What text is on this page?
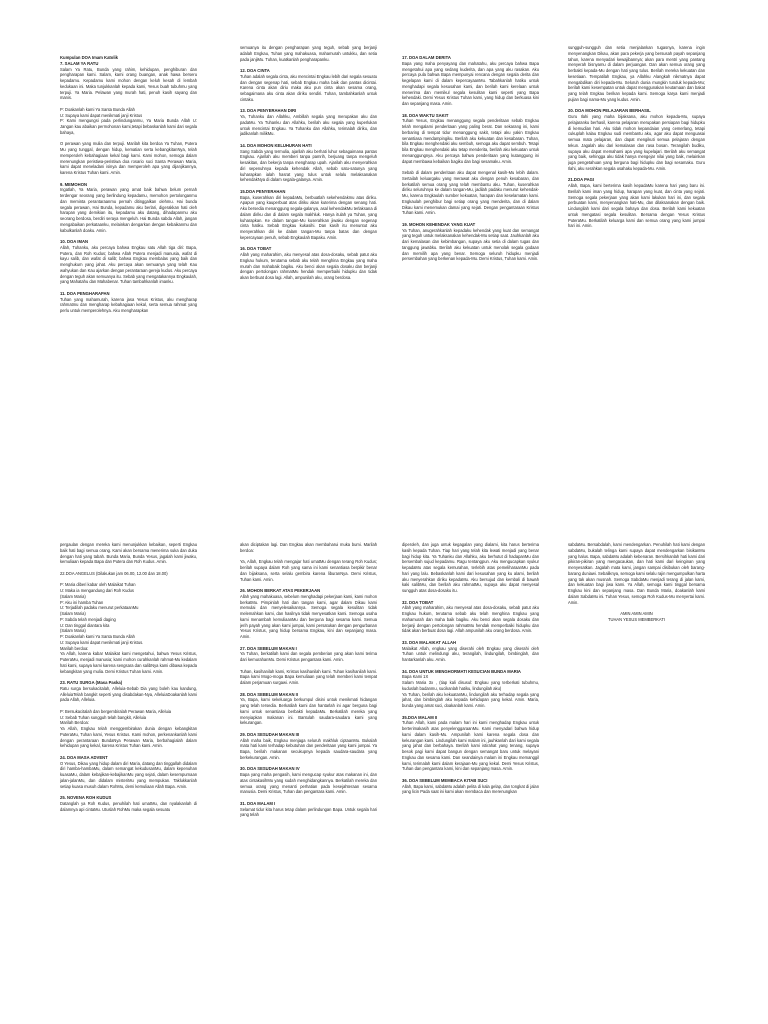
Kumpulan DOA Imam Katolik
7. SALAM YA RATU

Salam Ya Ratu, Bunda yang rahim, kehidupan, penghiburan dan pengharapan kami. Salam, kami orang buangan, anak hawa berseru kepadamu. Kepadamu kami mohon dengan keluh kesah di lembah kedukaan ini. Maka tunjukkanlah kepada kami, Yesus buah tubuhmu yang terpuji. Ya Maria. Pelawan yang murah hati, penuh kasih sayang dan manis.

P: Doakanlah kami Ya Santa Bunda Allah

U: Supaya kami dapat menikmati janji Kristus

P: Kami mengungsi pada perlindunganmu, Ya Maria Bunda Allah U: Jangan kau abaikan permohonan kami,tetapi bebaskanlah kami dari segala bahaya,

O perawan yang mulia dan terpuji. Marilah kita berdoa Ya Tuhan, Putera Mu yang tunggal, dengan hidup, kematian serta kebangkitanNya, telah memperoleh kebahagiaan kekal bagi kami. Kami mohon, semoga dalam merenungkan peristiwa-peristiwa doa rosario suci Santa Perawan Maria, kami dapat meneladani isinya dan memperoleh apa yang dijanjikannya, karena Kristus Tuhan kami. Amin.

9. MEMOHON

Ingatlah, Ya Maria, perawan yang amat baik bahwa belum pernah terdengar seorang yang berlindung kepadamu, memohon pertolonganmu dan meminta perantaraanmu pernah ditinggalkan olehmu. Hai bunda segala perawan, Hai Bunda, kepadamu aku berlari, digerakkan hati oleh harapan yang demikian itu, kepadamu aku datang, dihadapanmu aku seorang berdosa, berdiri seraya mengeluh. Hai Bunda sabda Allah, jangan mengabaikan perkataanku, melainkan dengarkan dengan kebaikanmu dan kabulkanlah doaku. Amin.

10. DOA IMAN

Allah, Tuhanku, aku percaya bahwa Engkau satu Allah tiga diri: Bapa, Putera, dan Roh Kudus; bahwa Allah Putera menjadi manusia, wafat di kayu salib, dan wafat di salib; bahwa Engkau membalas yang baik dan menghukum yang jahat. Aku percaya akan semuanya yang telah Kau wahyukan dan Kau ajarkan dengan perantaraan gereja kudus. Aku percaya dengan teguh akan semuanya itu. Sebab yang mengatakannya Engkaulah, yang Mahatahu dan Mahabenar. Tuhan tambahkanlah imanku.

11. DOA PENGHARAPAN

Tuhan yang mahamurah, karena jasa Yesus Kristus, aku mengharap rahmatmu dan mengharap kebahagiaan kekal, serta semua rahmat yang perlu untuk memperolehnya. Aku mengharapkan

semuanya itu dengan pengharapan yang teguh, sebab yang berjanji adalah Engkau, Tuhan yang mahakuasa, mahamurah untukku, dan setia pada janjiMu. Tuhan, kuatkanlah pengharapanku.

12. DOA CINTA

Tuhan adalah segala cinta, aku mencintai Engkau lebih dari segala sesuatu dan dengan segenap hati, sebab Engkau maha baik dan pantas dicintai. Karena cinta akan diriu maka aku pun cinta akan sesama orang, sebagaimana aku cinta akan diriku sendiri. Tuhan, tambahkanlah untuk cintaku.

13. DOA PENYERAHAN DIRI

Ya, Tuhanku dan Allahku, Ambillah segala yang merupakan aku dan padaMu. Ya Tuhanku dan Allahku, berilah aku segala yang kuperlukan untuk mencintai Engkau. Ya Tuhanku dan Allahku, terimalah diriku, dan jadikanlah milikMu.

14. DOA MOHON KELUHURAN HATI

Sang Sabda yang termulia, ajarilah aku berhati luhur sebagaimana pantas Engkau. Ajarilah aku memberi tanpa pamrih, berjuang tanpa mengeluh kesakitan, dan bekerja tanpa mengharap upah. Ajarilah aku menyerahkan diri sepenuhnya kepada kehendak Allah, sebab satu-satunya yang kuharapkan ialah hasrat yang tulus untuk selalu melaksanakan kehendakNya di dalam segala-galanya. Amin.

15.DOA PENYERAHAN

Bapa, kuserahkan diri kepadaMu, berbuatlah sekehendakmu atas diriku. Apapun yang kauperbuat atas diriku akan kuterima dengan senang hati. Aku bersedia menanggung segala-galanya, asal kehendakMu terlaksana di dalam diriku dan di dalam segala makhluk. Hanya itulah ya Tuhan, yang kuharapkan. Ke dalam tangan-Mu kuserahkan jiwaku dengan segenap cinta hatiku. Sebab Engkau kukasihi. Dan kasih itu menuntut aku menyerahkan diri ke dalam tangan-Mu tanpa batas dan dengan kepercayaan penuh, sebab Engkaulah Bapaku. Amin.

16. DOA TOBAT

Allah yang maharahim, aku menyesal atas dosa-dosaku, sebab patut aku Engkau hukum, terutama sebab aku telah menghina Engkau yang maha murah dan mahabaik bagiku. Aku benci akan segala dosaku dan berjanji dengan pertolongan rahmatMu hendak memperbaiki hidupku dan tidak akan berbuat dosa lagi. Allah, ampunilah aku, orang berdosa.

17. DOA DALAM DERITA

Bapa yang maha penyayang dan mahatahu, aku percaya bahwa Bapa mengetahui apa yang sedang kuderita, dan apa yang aku rasakan. Aku percaya pula bahwa Bapa mempunyai rencana dengan segala derita dan kegelapan kami di dalam kepercayaanMu. Tabahkanlah hatiku untuk menghadapi segala kesusahan kami, dan berilah kami kerelaan untuk menerima dan memikul segala kesulitan kami seperti yang Bapa kehendaki. Demi Yesus Kristus Tuhan kami, yang hidup dan berkuasa kini dan sepanjang masa. Amin.

18. DOA WAKTU SAKIT

Tuhan Yesus, Engkau menanggung segala penderitaan sebab Engkau telah mengalami penderitaan yang paling berat. Dan sekarang ini, kami berbaring di tempat tidur menanggung sakit, tetapi aku yakin Engkau senantiasa mendampingiku. Berilah aku kekuatan dan kesabaran. Tuhan, bila Engkau menghendaki aku sembuh, semoga aku dapat sembuh. Tetapi bila Engkau menghendaki aku tetap menderita, berilah aku kekuatan untuk menanggungnya. Aku percaya bahwa penderitaan yang kutanggung ini dapat membawa kebaikan bagiku dan bagi sesamaku. Amin.

Sebab di dalam penderitaan aku dapat mengenal kasih-Mu lebih dalam. Sertailah keluargaku yang merawat aku dengan penuh kesabaran, dan berkatilah semua orang yang telah membantu aku. Tuhan, kuserahkan diriku seluruhnya ke dalam tangan-Mu, jadilah padaku menurut kehendak-Mu, karena Engkaulah sumber kekuatan, harapan dan keselamatan kami. Engkaulah penghibur bagi setiap orang yang menderita, dan di dalam Dikau kami menemukan damai yang sejati. Dengan pengantaraan Kristus Tuhan kami. Amin.

19. MOHON KEHENDAK YANG KUAT

Ya Tuhan, anugerahkanlah kepadaku kehendak yang kuat dan semangat yang teguh untuk melaksanakan kehendak-Mu setiap saat. Jauhkanlah aku dari kemalasan dan kebimbangan, supaya aku setia di dalam tugas dan tanggung jawabku. Berilah aku kekuatan untuk menolak segala godaan dan memilih apa yang benar. Semoga seluruh hidupku menjadi persembahan yang berkenan kepada-Mu. Demi Kristus, Tuhan kami. Amin.

sungguh-sungguh dan setia menjalankan tugasnya, karena ingin menyenangkan Dikau, akan para pekerja yang bersusah payah sepanjang tahun, karena menyadari kewajibannya; akan para mentri yang pantang menyerah bisnyamu di dalam perjuangan. Dan akan semua orang yang berbakti kepada-Mu dengan hati yang tulus. Berilah mereka kekuatan dan kesetiaan. Tempatilah Engkau, ya Allahku Alangkah nikmatnya dapat mengabdikan diri kepada-Mu. Seluruh dunia mungkin tunduk kepada-Mu; berilah kami kesempatan untuk dapat menggunakan keutamaan dan bakat yang telah Engkau berikan kepada kami. Semoga karya kami menjadi pujian bagi nama-Mu yang kudus. Amin.

20. DOA MOHON PELAJARAN BERHASIL

Guru Ilahi yang maha bijaksana, aku mohon kepada-Mu, supaya pelajaranku berhasil, karena pelajaran merupakan persiapan bagi hidupku di kemudian hari. Aku tidak mohon kepandaian yang cemerlang, tetapi cukuplah kalau Engkau sudi membantu aku, agar aku dapat menguasai semua mata pelajaran, dan dapat mengikuti semua pelajaran dengan tekun. Jagalah aku dari kemalasan dan rasa bosan. Terangilah budiku, supaya aku dapat memahami apa yang kupelajari. Berilah aku semangat yang baik, sehingga aku tidak hanya mengejar nilai yang baik, melainkan juga pengetahuan yang berguna bagi hidupku dan bagi sesamaku. Guru Ilahi, aku serahkan segala usahaku kepada-Mu. Amin.

21.DOA PAGI

Allah, Bapa, kami berterima kasih kepadaMu karena hari yang baru ini. Berilah kami iman yang hidup, harapan yang kuat, dan cinta yang sejati. Semoga segala pekerjaan yang akan kami lakukan hari ini, dan segala perbuatan kami, menyenangkan hati-Mu, dan dilaksanakan dengan baik. Lindungilah kami dari segala bahaya dan dosa. Berilah kami kekuatan untuk mengatasi segala kesulitan. Bersama dengan Yesus Kristus PuteraMu. Berkatilah keluarga kami dan semua orang yang kami jumpai hari ini. Amin.

pergaulan dengan mereka kami menunjukkan kebaikan, seperti Engkau baik hati bagi semua orang. Kami akan bersama menerima suka dan duka dengan hati yang tabah. Bunda Maria, Bunda Yesus, jagalah kami jiwaku, kemuliaan kepada Bapa dan Putera dan Roh Kudus. Amin.

22.DOA ANGELUS (Dilakukan jam 06.00, 12.00 dan 18.00)

P: Maria diberi kabar oleh Malaikat Tuhan

U: Maka ia mengandung dari Roh Kudus

(Salam Maria)

P: Aku ini hamba Tuhan

U: Terjadilah padaku menurut perkataanMu

(Salam Maria)

P: Sabda telah menjadi daging

U: Dan tinggal diantara kita

(Salam Maria)

P: Doakanlah kami Ya Santa Bunda Allah

U: Supaya kami dapat menikmati janji Kristus.

Marilah berdoa:

Ya Allah, karena kabar Malaikat kami mengetahui, bahwa Yesus Kristus, PuteraMu, menjadi manusia; kami mohon curahkanlah rahmat-Mu kedalam hati kami, supaya kami karena sengsara dan salibNya kami dibawa kepada kebangkitan yang mulia. Demi Kristus Tuhan kami. Amin.

23. RATU SURGA (Masa Paska)

Ratu surga bersukacitalah, Alleluia-Sebab Dia yang boleh kau kandung, AlleluiaTelah bangkit seperti yang disabdakan-Nya, AlleluiaDoakanlah kami pada Allah, Alleluia.

P: Bersukacitalah dan bergembiralah Perawan Maria, Alleluia

U: Sebab Tuhan sungguh telah bangkit, Alleluia

Marilah Berdoa:

Ya Allah, Engkau telah menggembirakan dunia dengan kebangkitan PuteraMu, Tuhan kami, Yesus Kristus. Kami mohon, perkenankanlah kami dengan perantaraan BundaNya Perawan Maria, berbahagialah dalam kehidupan yang kekal, karena Kristus Tuhan kami. Amin.

24. DOA MASA ADVENT

O Yesus, Dikau yang hidup dalam diri Maria, datang dan tinggallah didalam diri hamba-hambaMu, dalam semangat kekudusanMu, dalam kepenuhan kuasaMu, dalam kebajikan-kebajikanMu yang sejati, dalam kesempurnaan jalan-jalanMu, dan didalam misteriMu yang mempukan. Taklukkanlah setiap kuasa musuh dalam RohMu, demi kemuliaan Allah Bapa. Amin.

25. NOVENA ROH KUDUS

Datanglah ya Roh Kudus, penuhilah hati umatMu, dan nyalakanlah di dalamnya api cintaMu. Utuslah RohMu maka segala sesuatu

akan diciptakan lagi. Dan Engkau akan membaharui muka bumi. Marilah berdoa:

Ya, Allah, Engkau telah mengajar hati umatMu dengan terang Roh Kudus; berilah supaya dalam Roh yang sama ini kami senantiasa berpikir benar dan bijaksana, serta selalu gembira karena liburanNya. Demi Kristus, Tuhan kami. Amin.

26. MOHON BERKAT ATAS PEKERJAAN

Allah yang mahakuasa, sebelum menghadapi pekerjaan kami, kami mohon berkatMu. Pimpinlah hati dan tangan kami, agar dalam Dikau kami memulai dan menyelesaikannya. Semoga segala kesulitan tidak melemahkan kami, dan hasilnya tidak menyesatkan kami. Semoga usaha kami menambah kemuliaanMu dan berguna bagi sesama kami. Semua jerih payah yang akan kami jumpai, kami persatukan dengan pengurbanan Yesus Kristus, yang hidup bersama Engkau, kini dan sepanjang masa. Amin.

27. DOA SEBELUM MAKAN I

Ya Tuhan, berkatilah kami dan segala pemberian yang akan kami terima dari kemurahanMu. Demi Kristus pengantara kami. Amin.

Tuhan, kasihanilah kami, Kristus kasihanilah kami. Tuhan kasihanilah kami. Bapa kami Mogo-moga Bapa kemuliaan yang telah memberi kami tempat dalam perjamuan surgawi. Amin.

28. DOA SEBELUM MAKAN II

Ya, Bapa, kami sekeluarga berkumpul disini untuk menikmati hidangan yang telah tersedia. Berkatilah kami dan hantarlah ini agar berguna bagi kami untuk senantiasa berbakti kepadaMu. Berkatilah mereka yang menyiapkan makanan ini. Bantulah saudara-saudara kami yang kekurangan.

29. DOA SESUDAH MAKAN III

Allah maha baik, Engkau menjaga seluruh makhluk ciptaanMu. Bukalah mata hati kami terhadap kebutuhan dan penderitaan yang kami jumpai. Ya Bapa, berilah makanan secukupnya kepada saudara-saudara yang berkekurangan. Amin.

30. DOA SESUDAH MAKAN IV

Bapa yang maha pengasih, kami mengucap syukur atas makanan ini, dan atas cintakasihMu yang sudah menghidangkannya. Berkatilah mereka dan semua orang yang menanti perhatian pada kesejahteraan sesama manusia. Demi Kristus, Tuhan dan pengantara kami. Amin.

31. DOA MALAM I

Selamat tidur kita harus tetap dalam perlindungan Bapa. Untuk segala hari yang telah

diperoleh, dan juga untuk kegagalan yang dialami, kita harus berterima kasih kepada Tuhan. Tiap hari yang telah kita lewati menjadi yang benar bagi hidup kita. Ya Tuhanku dan Allahku, aku berhutut di hadapanMu dan bersembah sujud kepadamu. Ragu tentangpun. Aku mengucapkan syukur kepadaMu atas segala kemurahan, terlebih atas pemeliharaanMu pada hari yang lalu. Bebaskanlah kami dari kesusahan yang ku alami, berilah aku menyerahkan diriku kepadaMu. Aku bersujud dan kembali di bawah kaki salibMu, dan berilah aku rahmatMu, supaya aku dapat menyesal sungguh atas dosa-dosaku itu.

32. DOA TOBAT

Allah yang maharahim, aku menyesal atas dosa-dosaku, sebab patut aku Engkau hukum, terutama sebab aku telah menghina Engkau yang mahamurah dan maha baik bagiku. Aku benci akan segala dosaku dan berjanji dengan pertolongan rahmatMu hendak memperbaiki hidupku dan tidak akan berbuat dosa lagi. Allah ampunilah aku orang berdosa. Amin.

33. DOA MALAIKAT ALLAH

Malaikat Allah, engkau yang diserahi oleh Engkau yang diserahi oleh Tuhan untuk melindungi aku, terangilah, lindungilah, bimbinglah, dan hantarkanlah aku. Amin.

34. DOA UNTUK MENGHORMATI KESUCIAN BUNDA MARIA

Bapa Kami 1X

Salam Maria 3x , (tiap kali disusul: Engkau yang terberkati tubuhmu, kuduslah badanmu, sucikanlah hatiku, lindungilah aku)

Ya Tuhan, berilah aku kekuatanMu, lindungilah aku terhadap segala yang jahat, dan bimbinglah aku kepada kehidupan yang kekal. Amin. Maria, bunda yang amat suci, doakanlah kami. Amin.

35.DOA MALAM II

Tuhan Allah, kami pada malam hari ini kami menghadap Engkau untuk berterimakasih atas penyelenggaraanMu. Kami menyadari bahwa hidup kami dalam kasih-Mu. Ampunilah kami karena segala dosa dan kekurangan kami. Lindungilah kami malam ini, jauhkanlah dari kami segala yang jahat dan berbahaya. Berilah kami istirahat yang tenang, supaya besok pagi kami dapat bangun dengan semangat baru untuk melayani Engkau dan sesama kami. Dan seandainya malam ini Engkau memanggil kami, terimalah kami dalam kerajaan-Mu yang kekal. Demi Yesus Kristus, Tuhan dan pengantara kami, kini dan sepanjang masa. Amin.

36. DOA SEBELUM MEMBACA KITAB SUCI

Allah, Bapa kami, sabdaMu adalah pelita di kala gelap, dan tongkat di jalan yang licin Pada saat ini kami akan membaca dan merenungkan

sabdaMu. Bersabdalah, kami mendengarkan. Penuhilah hati kami dengan sabdaMu, bukalah telinga kami supaya dapat mendengarkan bisikanMu yang halus. Bapa, sabdaMu adalah kebenaran. Bersihkanlah hati kami dari pikiran-pikiran yang mengacaukan, dan hati kami dari keinginan yang menyesatkan. Jagalah mata kami, jangan sampai disibukan oleh barang-barang duniawi. Sebaliknya, semoga kami selalu rajin mengumpulkan harta yang tak akan musnah. Semoga SabdaMu menjadi terang di jalan kami, dan kekuatan bagi jiwa kami. Ya Allah, semoga kami tinggal bersama Engkau kini dan sepanjang masa. Dan Bunda Maria, doakanlah kami dalam SabdaMu ini. Tuhan Yesus, semoga Roh Kudus-Mu menyertai kami. Amin.

AMIN AMIN AMIN

TUHAN YESUS MEMBERKATI
